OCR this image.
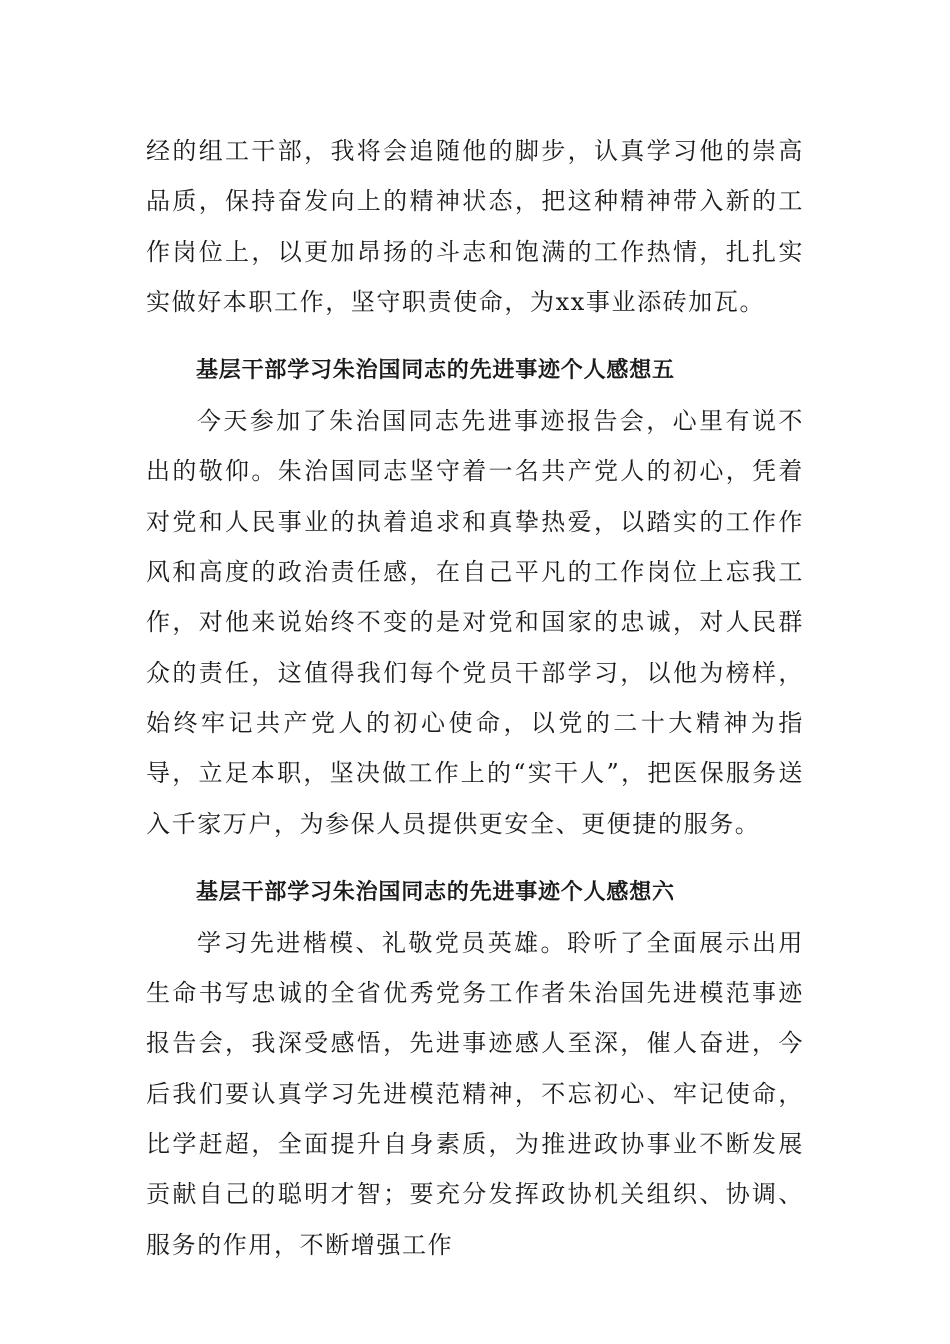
经的组工干部，我将会追随他的脚步，认真学习他的崇高品质，保持奋发向上的精神状态，把这种精神带入新的工作岗位上，以更加昂扬的斗志和饱满的工作热情，扎扎实实做好本职工作，坚守职责使命，为xx事业添砖加瓦。

基层干部学习朱治国同志的先进事迹个人感想五

今天参加了朱治国同志先进事迹报告会，心里有说不出的敬仰。朱治国同志坚守着一名共产党人的初心，凭着对党和人民事业的执着追求和真挚热爱，以踏实的工作作风和高度的政治责任感，在自己平凡的工作岗位上忘我工作，对他来说始终不变的是对党和国家的忠诚，对人民群众的责任，这值得我们每个党员干部学习，以他为榜样，始终牢记共产党人的初心使命，以党的二十大精神为指导，立足本职，坚决做工作上的“实干人”，把医保服务送入千家万户，为参保人员提供更安全、更便捷的服务。

基层干部学习朱治国同志的先进事迹个人感想六

学习先进楷模、礼敬党员英雄。聆听了全面展示出用生命书写忠诚的全省优秀党务工作者朱治国先进模范事迹报告会，我深受感悟，先进事迹感人至深，催人奋进，今后我们要认真学习先进模范精神，不忘初心、牢记使命，比学赶超，全面提升自身素质，为推进政协事业不断发展贡献自己的聪明才智；要充分发挥政协机关组织、协调、服务的作用，不断增强工作
